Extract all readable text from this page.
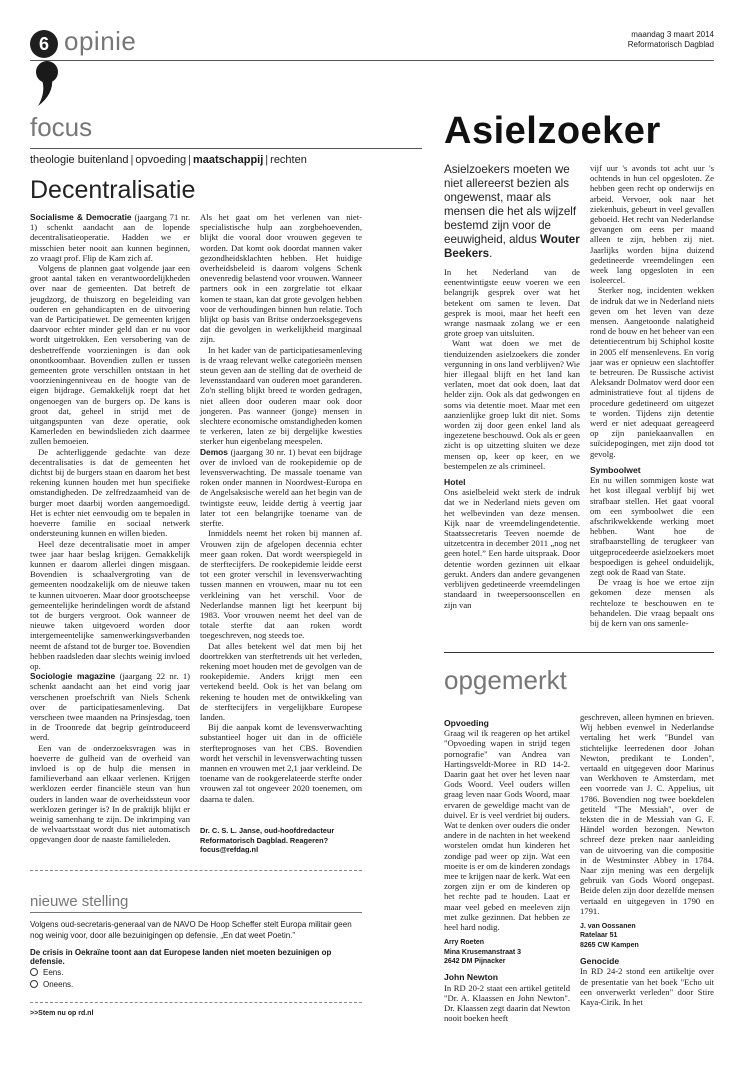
6 opinie	maandag 3 maart 2014
Reformatorisch Dagblad
focus
theologie buitenland | opvoeding | maatschappij | rechten
Decentralisatie

Socialisme & Democratie (jaargang 71 nr. 1) schenkt aandacht aan de lopende decentralisatieoperatie. Hadden we er misschien beter nooit aan kunnen beginnen, zo vraagt prof. Flip de Kam zich af.

Volgens de plannen gaat volgende jaar een groot aantal taken en verantwoordelijkheden over naar de gemeenten. Dat betreft de jeugdzorg, de thuiszorg en begeleiding van ouderen en gehandicapten en de uitvoering van de Participatiewet. De gemeenten krijgen daarvoor echter minder geld dan er nu voor wordt uitgetrokken. Een versobering van de desbetreffende voorzieningen is dan ook onontkoombaar. Bovendien zullen er tussen gemeenten grote verschillen ontstaan in het voorzieningenniveau en de hoogte van de eigen bijdrage. Gemakkelijk roept dat het ongenoegen van de burgers op. De kans is groot dat, geheel in strijd met de uitgangspunten van deze operatie, ook Kamerleden en bewindslieden zich daarmee zullen bemoeien.

De achterliggende gedachte van deze decentralisaties is dat de gemeenten het dichtst bij de burgers staan en daarom het best rekening kunnen houden met hun specifieke omstandigheden. De zelfredzaamheid van de burger moet daarbij worden aangemoedigd. Het is echter niet eenvoudig om te bepalen in hoeverre familie en sociaal netwerk ondersteuning kunnen en willen bieden.

Heel deze decentralisatie moet in amper twee jaar haar beslag krijgen. Gemakkelijk kunnen er daarom allerlei dingen misgaan. Bovendien is schaalvergroting van de gemeenten noodzakelijk om de nieuwe taken te kunnen uitvoeren. Maar door grootscheepse gemeentelijke herindelingen wordt de afstand tot de burgers vergroot. Ook wanneer de nieuwe taken uitgevoerd worden door intergemeentelijke samenwerkingsverbanden neemt de afstand tot de burger toe. Bovendien hebben raadsleden daar slechts weinig invloed op.

Sociologie magazine (jaargang 22 nr. 1) schenkt aandacht aan het eind vorig jaar verschenen proefschrift van Niels Schenk over de participatiesamenleving. Dat verscheen twee maanden na Prinsjesdag, toen in de Troonrede dat begrip geïntroduceerd werd.

Een van de onderzoeksvragen was in hoeverre de gulheid van de overheid van invloed is op de hulp die mensen in familieverband aan elkaar verlenen. Krijgen werklozen eerder financiële steun van hun ouders in landen waar de overheidssteun voor werklozen geringer is? In de praktijk blijkt er weinig samenhang te zijn. De inkrimping van de welvaartsstaat wordt dus niet automatisch opgevangen door de naaste familieleden.

Als het gaat om het verlenen van niet-specialistische hulp aan zorgbehoevenden, blijkt die vooral door vrouwen gegeven te worden. Dat komt ook doordat mannen vaker gezondheidsklachten hebben. Het huidige overheidsbeleid is daarom volgens Schenk onevenredig belastend voor vrouwen. Wanneer partners ook in een zorgrelatie tot elkaar komen te staan, kan dat grote gevolgen hebben voor de verhoudingen binnen hun relatie. Toch blijkt op basis van Britse onderzoeksgegevens dat die gevolgen in werkelijkheid marginaal zijn.

In het kader van de participatiesamenleving is de vraag relevant welke categorieën mensen steun geven aan de stelling dat de overheid de levensstandaard van ouderen moet garanderen. Zo'n stelling blijkt breed te worden gedragen, niet alleen door ouderen maar ook door jongeren. Pas wanneer (jonge) mensen in slechtere economische omstandigheden komen te verkeren, laten ze bij dergelijke kwesties sterker hun eigenbelang meespelen.

Demos (jaargang 30 nr. 1) bevat een bijdrage over de invloed van de rookepidemie op de levensverwachting. De massale toename van roken onder mannen in Noordwest-Europa en de Angelsaksische wereld aan het begin van de twintigste eeuw, leidde dertig à veertig jaar later tot een belangrijke toename van de sterfte.

Inmiddels neemt het roken bij mannen af. Vrouwen zijn de afgelopen decennia echter meer gaan roken. Dat wordt weerspiegeld in de sterftecijfers. De rookepidemie leidde eerst tot een groter verschil in levensverwachting tussen mannen en vrouwen, maar nu tot een verkleining van het verschil. Voor de Nederlandse mannen ligt het keerpunt bij 1983. Voor vrouwen neemt het deel van de totale sterfte dat aan roken wordt toegeschreven, nog steeds toe.

Dat alles betekent wel dat men bij het doortrekken van sterftetrends uit het verleden, rekening moet houden met de gevolgen van de rookepidemie. Anders krijgt men een vertekend beeld. Ook is het van belang om rekening te houden met de ontwikkeling van de sterftecijfers in vergelijkbare Europese landen.

Bij die aanpak komt de levensverwachting substantieel hoger uit dan in de officiële sterfteprognoses van het CBS. Bovendien wordt het verschil in levensverwachting tussen mannen en vrouwen met 2,1 jaar verkleind. De toename van de rookgerelateerde sterfte onder vrouwen zal tot ongeveer 2020 toenemen, om daarna te dalen.

Dr. C. S. L. Janse, oud-hoofdredacteur Reformatorisch Dagblad. Reageren? focus@refdag.nl
nieuwe stelling
Volgens oud-secretaris-generaal van de NAVO De Hoop Scheffer stelt Europa militair geen nog weinig voor, door alle bezuinigingen op defensie. „En dat weet Poetin.”
De crisis in Oekraïne toont aan dat Europese landen niet moeten bezuinigen op defensie.
Eens.
Oneens.
>>Stem nu op rd.nl
Asielzoeker
Asielzoekers moeten we niet allereerst bezien als ongewenst, maar als mensen die het als wijzelf bestemd zijn voor de eeuwigheid, aldus Wouter Beekers.

In het Nederland van de eenentwintigste eeuw voeren we een belangrijk gesprek over wat het betekent om samen te leven. Dat gesprek is mooi, maar het heeft een wrange nasmaak zolang we er een grote groep van uitsluiten.

Want wat doen we met de tienduizenden asielzoekers die zonder vergunning in ons land verblijven? Wie hier illegaal blijft en het land kan verlaten, moet dat ook doen, laat dat helder zijn. Ook als dat gedwongen en soms via detentie moet. Maar met een aanzienlijke groep lukt dit niet. Soms worden zij door geen enkel land als ingezetene beschouwd. Ook als er geen zicht is op uitzetting sluiten we deze mensen op, keer op keer, en we bestempelen ze als crimineel.

Hotel

Ons asielbeleid wekt sterk de indruk dat we in Nederland niets geven om het welbevinden van deze mensen. Kijk naar de vreemdelingendetentie. Staatssecretaris Teeven noemde de uitzetcentra in december 2011 „nog net geen hotel.” Een harde uitspraak. Door detentie worden gezinnen uit elkaar gerukt. Anders dan andere gevangenen verblijven gedetineerde vreemdelingen standaard in tweepersoonscellen en zijn van

vijf uur 's avonds tot acht uur 's ochtends in hun cel opgesloten. Ze hebben geen recht op onderwijs en arbeid. Vervoer, ook naar het ziekenhuis, gebeurt in veel gevallen geboeid. Het recht van Nederlandse gevangen om eens per maand alleen te zijn, hebben zij niet. Jaarlijks worden bijna duizend gedetineerde vreemdelingen een week lang opgesloten in een isoleercel.

Sterker nog, incidenten wekken de indruk dat we in Nederland niets geven om het leven van deze mensen. Aangetoonde nalatigheid rond de bouw en het beheer van een detentiecentrum bij Schiphol kostte in 2005 elf mensenlevens. En vorig jaar was er opnieuw een slachtoffer te betreuren. De Russische activist Aleksandr Dolmatov werd door een administratieve fout al tijdens de procedure gedetineerd om uitgezet te worden. Tijdens zijn detentie werd er niet adequaat gereageerd op zijn paniekaanvallen en suïcidepogingen, met zijn dood tot gevolg.

Symboolwet

En nu willen sommigen koste wat het kost illegaal verblijf bij wet strafbaar stellen. Het gaat vooral om een symboolwet die een afschrikwekkende werking moet hebben. Want hoe de strafbaarstelling de terugkeer van uitgeprocedeerde asielzoekers moet bespoedigen is geheel onduidelijk, zegt ook de Raad van State.

De vraag is hoe we ertoe zijn gekomen deze mensen als rechteloze te beschouwen en te behandelen. Die vraag bepaalt ons bij de kern van ons samenle-

opgemerkt
Opvoeding

Graag wil ik reageren op het artikel "Opvoeding wapen in strijd tegen pornografie" van Andrea van Hartingsveldt-Moree in RD 14-2. Daarin gaat het over het leven naar Gods Woord. Veel ouders willen graag leven naar Gods Woord, maar ervaren de geweldige macht van de duivel. Er is veel verdriet bij ouders. Wat te denken over ouders die onder andere in de nachten in het weekend worstelen omdat hun kinderen het zondige pad weer op zijn. Wat een moeite is er om de kinderen zondags mee te krijgen naar de kerk. Wat een zorgen zijn er om de kinderen op het rechte pad te houden. Laat er maar veel gebed en meeleven zijn met zulke gezinnen. Dat hebben ze heel hard nodig.

Arry Roeten
Mina Krusemanstraat 3
2642 DM Pijnacker
John Newton

In RD 20-2 staat een artikel getiteld "Dr. A. Klaassen en John Newton". Dr. Klaassen zegt daarin dat Newton nooit boeken heeft

geschreven, alleen hymnen en brieven. Wij hebben evenwel in Nederlandse vertaling het werk "Bundel van stichtelijke leerredenen door Johan Newton, predikant te Londen", vertaald en uitgegeven door Marinus van Werkhoven te Amsterdam, met een voorrede van J. C. Appelius, uit 1786. Bovendien nog twee boekdelen getiteld "The Messiah", over de teksten die in de Messiah van G. F. Händel worden bezongen. Newton schreef deze preken naar aanleiding van de uitvoering van die compositie in de Westminster Abbey in 1784. Naar zijn mening was een dergelijk gebruik van Gods Woord ongepast. Beide delen zijn door dezelfde mensen vertaald en uitgegeven in 1790 en 1791.

J. van Oossanen
Ratelaar 51
8265 CW Kampen
Genocide

In RD 24-2 stond een artikeltje over de presentatie van het boek "Echo uit een onverwerkt verleden" door Stire Kaya-Cirik. In het
